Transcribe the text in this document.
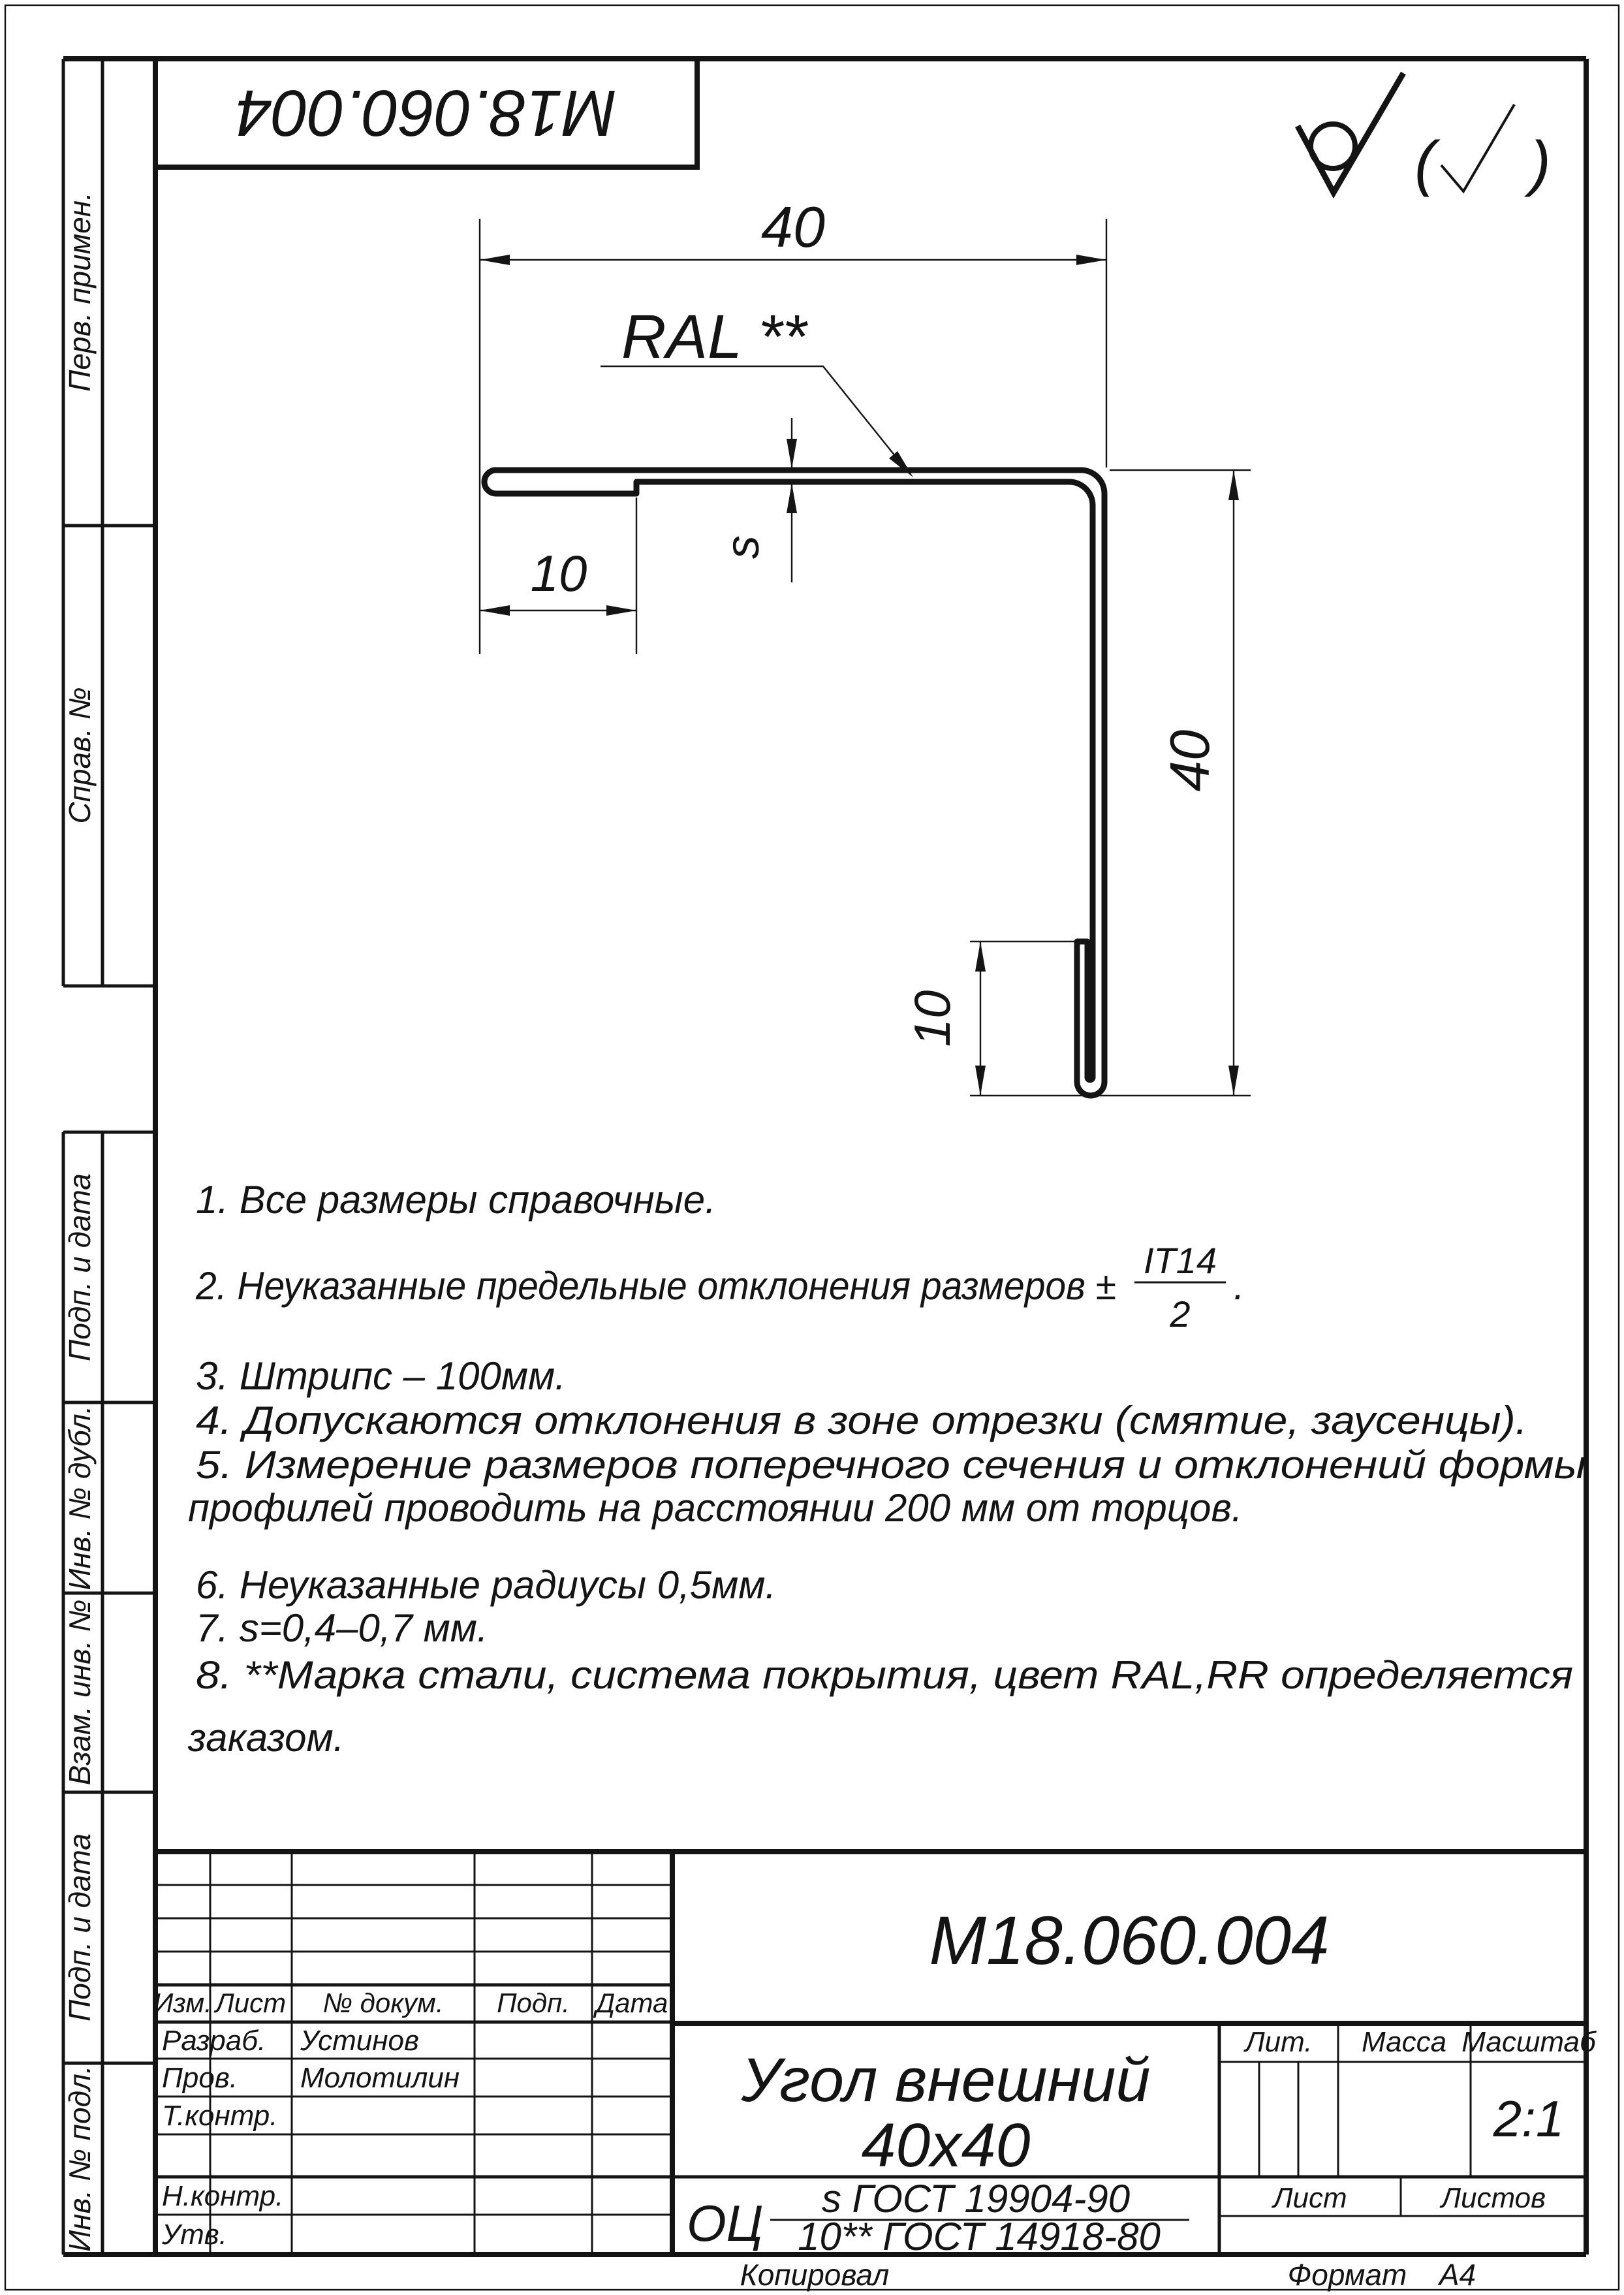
Перв. примен.
Справ. №
Подп. и дата
Инв. № дубл.
Взам. инв. №
Подп. и дата
Инв. № подл.
М18.060.004
( )
40
RAL **
s
10
40
10
1. Все размеры справочные.
2. Неуказанные предельные отклонения размеров ±
IT14
2
.
3. Штрипс – 100мм.
4. Допускаются отклонения в зоне отрезки (смятие, заусенцы).
5. Измерение размеров поперечного сечения и отклонений формы
профилей проводить на расстоянии 200 мм от торцов.
6. Неуказанные радиусы 0,5мм.
7. s=0,4–0,7 мм.
8. **Марка стали, система покрытия, цвет RAL,RR определяется
заказом.
Изм. Лист № докум. Подп. Дата
Разраб.
Пров.
Т.контр.
Н.контр.
Утв.
Устинов
Молотилин
М18.060.004
Угол внешний
40х40
Лит. Масса Масштаб
2:1
Лист	Листов
ОЦ s ГОСТ 19904-90
10** ГОСТ 14918-80
Копировал	Формат А4
